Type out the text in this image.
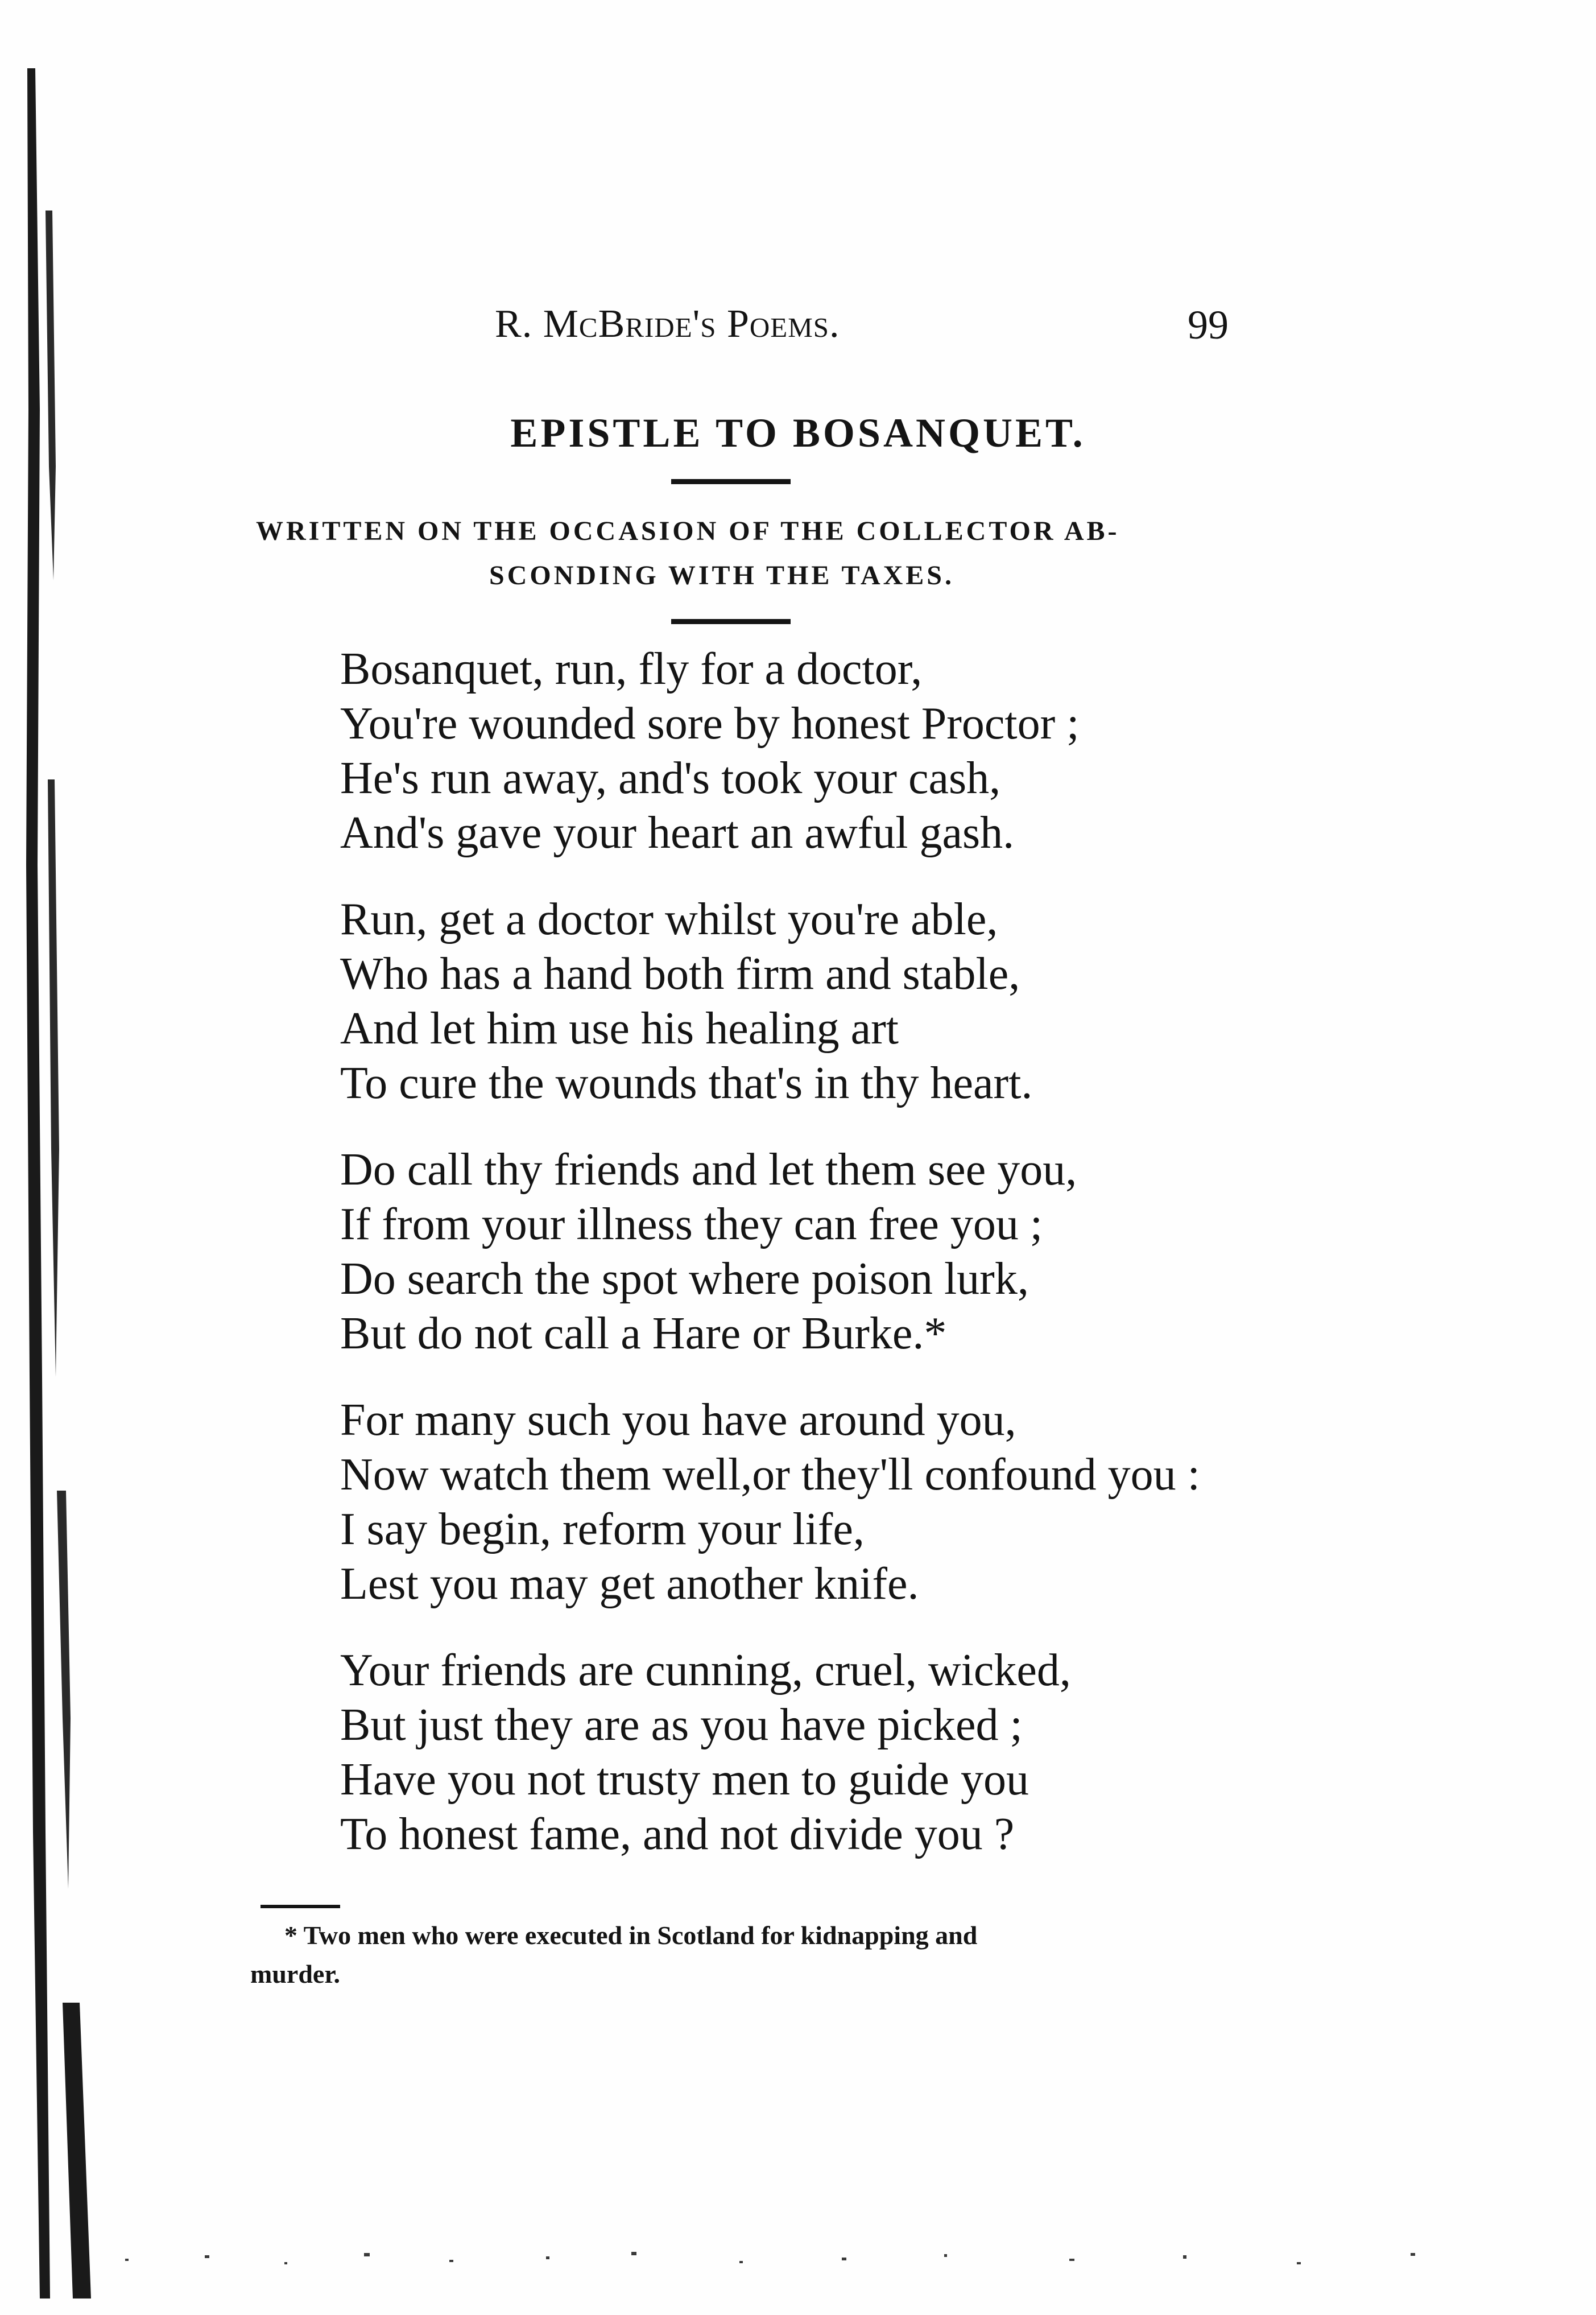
R. McBride's Poems.	99
EPISTLE TO BOSANQUET.
WRITTEN ON THE OCCASION OF THE COLLECTOR AB-
SCONDING WITH THE TAXES.
Bosanquet, run, fly for a doctor,
You're wounded sore by honest Proctor ;
He's run away, and's took your cash,
And's gave your heart an awful gash.
Run, get a doctor whilst you're able,
Who has a hand both firm and stable,
And let him use his healing art
To cure the wounds that's in thy heart.
Do call thy friends and let them see you,
If from your illness they can free you ;
Do search the spot where poison lurk,
But do not call a Hare or Burke.*
For many such you have around you,
Now watch them well,or they'll confound you :
I say begin, reform your life,
Lest you may get another knife.
Your friends are cunning, cruel, wicked,
But just they are as you have picked ;
Have you not trusty men to guide you
To honest fame, and not divide you ?
* Two men who were executed in Scotland for kidnapping and
murder.
